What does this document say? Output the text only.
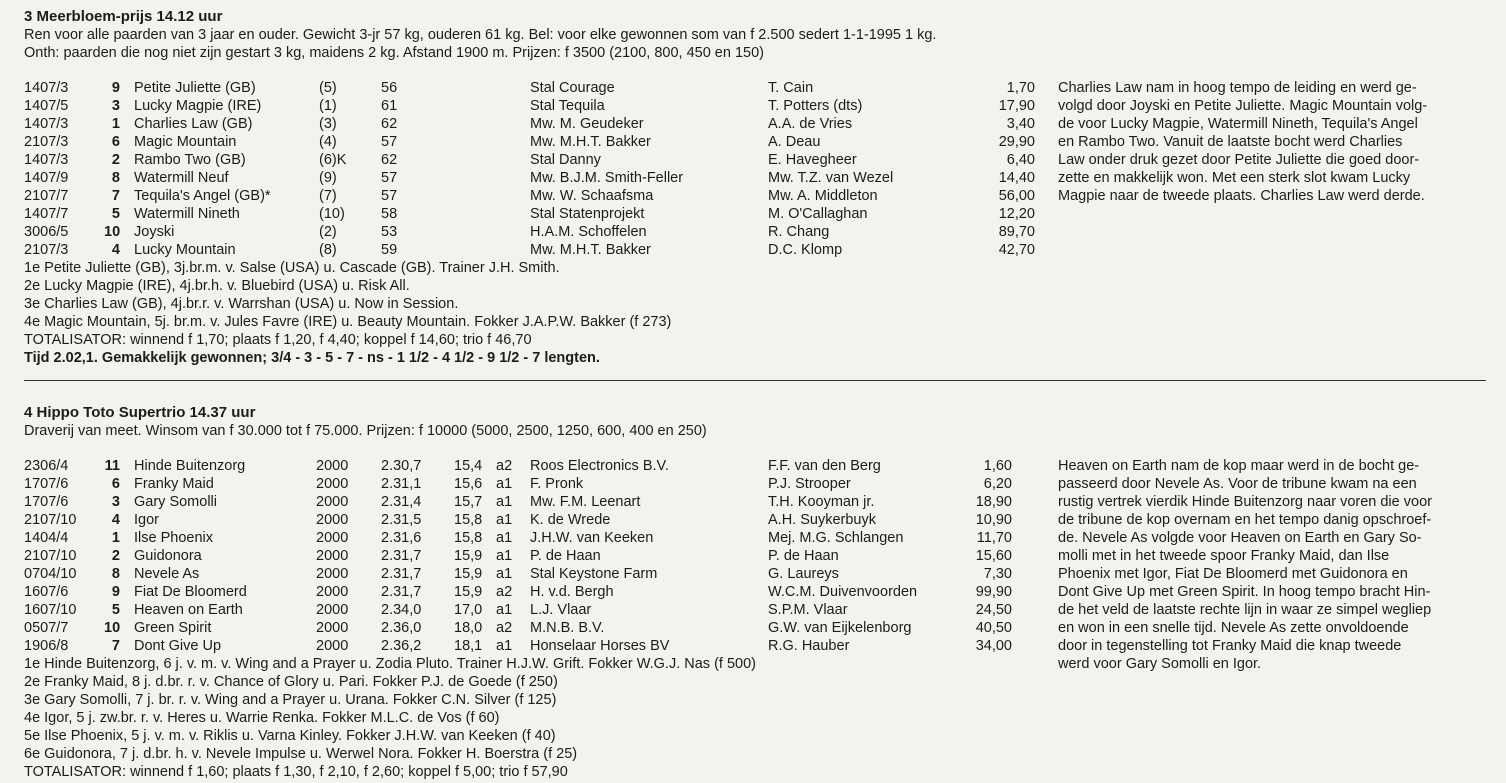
3 Meerbloem-prijs 14.12 uur
Ren voor alle paarden van 3 jaar en ouder. Gewicht 3-jr 57 kg, ouderen 61 kg. Bel: voor elke gewonnen som van f 2.500 sedert 1-1-1995 1 kg.
Onth: paarden die nog niet zijn gestart 3 kg, maidens 2 kg. Afstand 1900 m. Prijzen: f 3500 (2100, 800, 450 en 150)
Charlies Law nam in hoog tempo de leiding en werd ge-
volgd door Joyski en Petite Juliette. Magic Mountain volg-
de voor Lucky Magpie, Watermill Nineth, Tequila's Angel
en Rambo Two. Vanuit de laatste bocht werd Charlies
Law onder druk gezet door Petite Juliette die goed door-
zette en makkelijk won. Met een sterk slot kwam Lucky
Magpie naar de tweede plaats. Charlies Law werd derde.
1407/3	9 Petite Juliette (GB)	(5)	56	Stal Courage	T. Cain	1,70
1407/5	3 Lucky Magpie (IRE)	(1)	61	Stal Tequila	T. Potters (dts)	17,90
1407/3	1 Charlies Law (GB)	(3)	62	Mw. M. Geudeker	A.A. de Vries	3,40
2107/3	6 Magic Mountain	(4)	57	Mw. M.H.T. Bakker	A. Deau	29,90
1407/3	2 Rambo Two (GB)	(6)K 62	Stal Danny	E. Havegheer	6,40
1407/9	8 Watermill Neuf	(9)	57	Mw. B.J.M. Smith-Feller	Mw. T.Z. van Wezel	14,40
2107/7	7 Tequila's Angel (GB)*	(7)	57	Mw. W. Schaafsma	Mw. A. Middleton	56,00
1407/7	5 Watermill Nineth	(10) 58	Stal Statenprojekt	M. O'Callaghan	12,20
3006/5 10 Joyski	(2)	53	H.A.M. Schoffelen	R. Chang	89,70
2107/3	4 Lucky Mountain	(8)	59	Mw. M.H.T. Bakker	D.C. Klomp	42,70
1e Petite Juliette (GB), 3j.br.m. v. Salse (USA) u. Cascade (GB). Trainer J.H. Smith.
2e Lucky Magpie (IRE), 4j.br.h. v. Bluebird (USA) u. Risk All.
3e Charlies Law (GB), 4j.br.r. v. Warrshan (USA) u. Now in Session.
4e Magic Mountain, 5j. br.m. v. Jules Favre (IRE) u. Beauty Mountain. Fokker J.A.P.W. Bakker (f 273)
TOTALISATOR: winnend f 1,70; plaats f 1,20, f 4,40; koppel f 14,60; trio f 46,70
Tijd 2.02,1. Gemakkelijk gewonnen; 3/4 - 3 - 5 - 7 - ns - 1 1/2 - 4 1/2 - 9 1/2 - 7 lengten.
4 Hippo Toto Supertrio 14.37 uur
Draverij van meet. Winsom van f 30.000 tot f 75.000. Prijzen: f 10000 (5000, 2500, 1250, 600, 400 en 250)
Heaven on Earth nam de kop maar werd in de bocht ge-
passeerd door Nevele As. Voor de tribune kwam na een
rustig vertrek vierdik Hinde Buitenzorg naar voren die voor
de tribune de kop overnam en het tempo danig opschroef-
de. Nevele As volgde voor Heaven on Earth en Gary So-
molli met in het tweede spoor Franky Maid, dan Ilse
Phoenix met Igor, Fiat De Bloomerd met Guidonora en
Dont Give Up met Green Spirit. In hoog tempo bracht Hin-
de het veld de laatste rechte lijn in waar ze simpel wegliep
en won in een snelle tijd. Nevele As zette onvoldoende
door in tegenstelling tot Franky Maid die knap tweede
werd voor Gary Somolli en Igor.
2306/4	11 Hinde Buitenzorg	2000 2.30,7 15,4 a2 Roos Electronics B.V.	F.F. van den Berg	1,60
1707/6	6 Franky Maid	2000 2.31,1 15,6 a1 F. Pronk	P.J. Strooper	6,20
1707/6	3 Gary Somolli	2000 2.31,4 15,7 a1 Mw. F.M. Leenart	T.H. Kooyman jr.	18,90
2107/10	4 Igor	2000 2.31,5 15,8 a1 K. de Wrede	A.H. Suykerbuyk	10,90
1404/4	1 Ilse Phoenix	2000 2.31,6 15,8 a1 J.H.W. van Keeken	Mej. M.G. Schlangen	11,70
2107/10	2 Guidonora	2000 2.31,7 15,9 a1 P. de Haan	P. de Haan	15,60
0704/10	8 Nevele As	2000 2.31,7 15,9 a1 Stal Keystone Farm	G. Laureys	7,30
1607/6	9 Fiat De Bloomerd	2000 2.31,7 15,9 a2 H. v.d. Bergh	W.C.M. Duivenvoorden	99,90
1607/10	5 Heaven on Earth	2000 2.34,0 17,0 a1 L.J. Vlaar	S.P.M. Vlaar	24,50
0507/7 10 Green Spirit	2000 2.36,0 18,0 a2 M.N.B. B.V.	G.W. van Eijkelenborg	40,50
1906/8	7 Dont Give Up	2000 2.36,2 18,1 a1 Honselaar Horses BV	R.G. Hauber	34,00
1e Hinde Buitenzorg, 6 j. v. m. v. Wing and a Prayer u. Zodia Pluto. Trainer H.J.W. Grift. Fokker W.G.J. Nas (f 500)
2e Franky Maid, 8 j. d.br. r. v. Chance of Glory u. Pari. Fokker P.J. de Goede (f 250)
3e Gary Somolli, 7 j. br. r. v. Wing and a Prayer u. Urana. Fokker C.N. Silver (f 125)
4e Igor, 5 j. zw.br. r. v. Heres u. Warrie Renka. Fokker M.L.C. de Vos (f 60)
5e Ilse Phoenix, 5 j. v. m. v. Riklis u. Varna Kinley. Fokker J.H.W. van Keeken (f 40)
6e Guidonora, 7 j. d.br. h. v. Nevele Impulse u. Werwel Nora. Fokker H. Boerstra (f 25)
TOTALISATOR: winnend f 1,60; plaats f 1,30, f 2,10, f 2,60; koppel f 5,00; trio f 57,90
